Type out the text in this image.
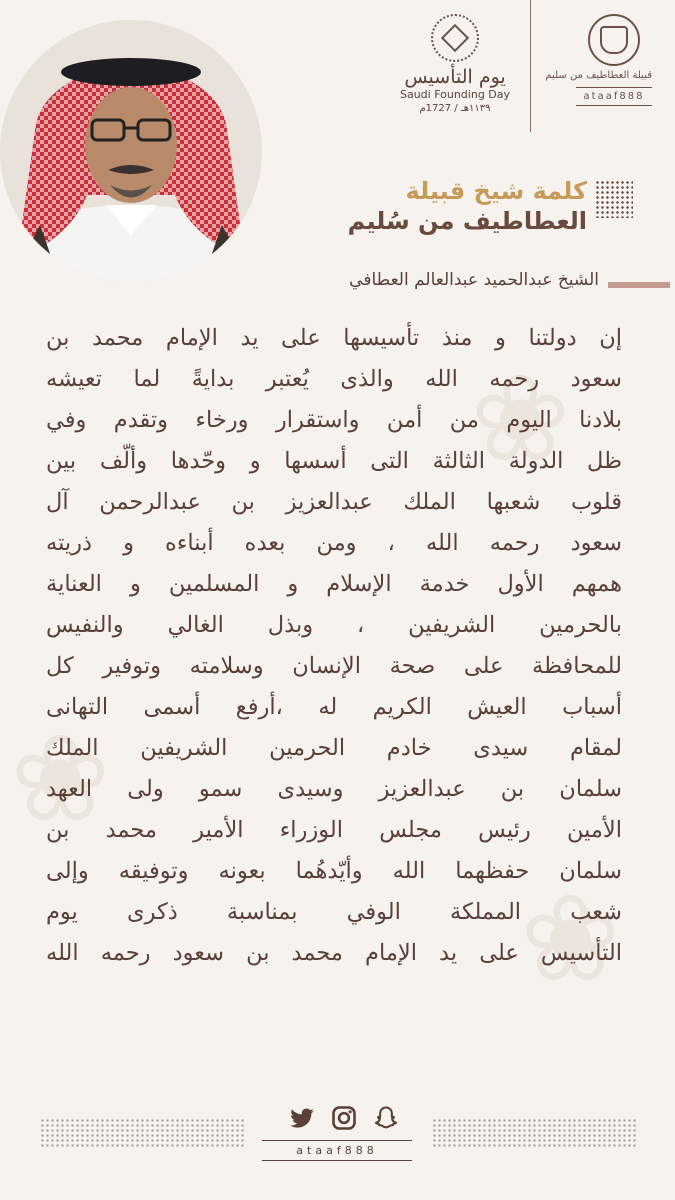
❀
❀
❀
قبيلة العطاطيف من سليم
ataaf888
يوم التأسيس
Saudi Founding Day
١١٣٩هـ / 1727م
كلمة شيخ قبيلة
العطاطيف من سُليم
الشيخ عبدالحميد عبدالعالم العطافي
إن دولتنا و منذ تأسيسها على يد الإمام محمد بن
سعود رحمه الله والذى يُعتبر بدايةً لما تعيشه
بلادنا اليوم من أمن واستقرار ورخاء وتقدم وفي
ظل الدولة الثالثة التى أسسها و وحّدها وألّف بين
قلوب شعبها الملك عبدالعزيز بن عبدالرحمن آل
سعود رحمه الله ، ومن بعده أبناءه و ذريته
همهم الأول خدمة الإسلام و المسلمين و العناية
بالحرمين الشريفين ، وبذل الغالي والنفيس
للمحافظة على صحة الإنسان وسلامته وتوفير كل
أسباب العيش الكريم له ،أرفع أسمى التهانى
لمقام سيدى خادم الحرمين الشريفين الملك
سلمان بن عبدالعزيز وسيدى سمو ولى العهد
الأمين رئيس مجلس الوزراء الأمير محمد بن
سلمان حفظهما الله وأيّدهُما بعونه وتوفيقه وإلى
شعب المملكة الوفي بمناسبة ذكرى يوم
التأسيس على يد الإمام محمد بن سعود رحمه الله
ataaf888
